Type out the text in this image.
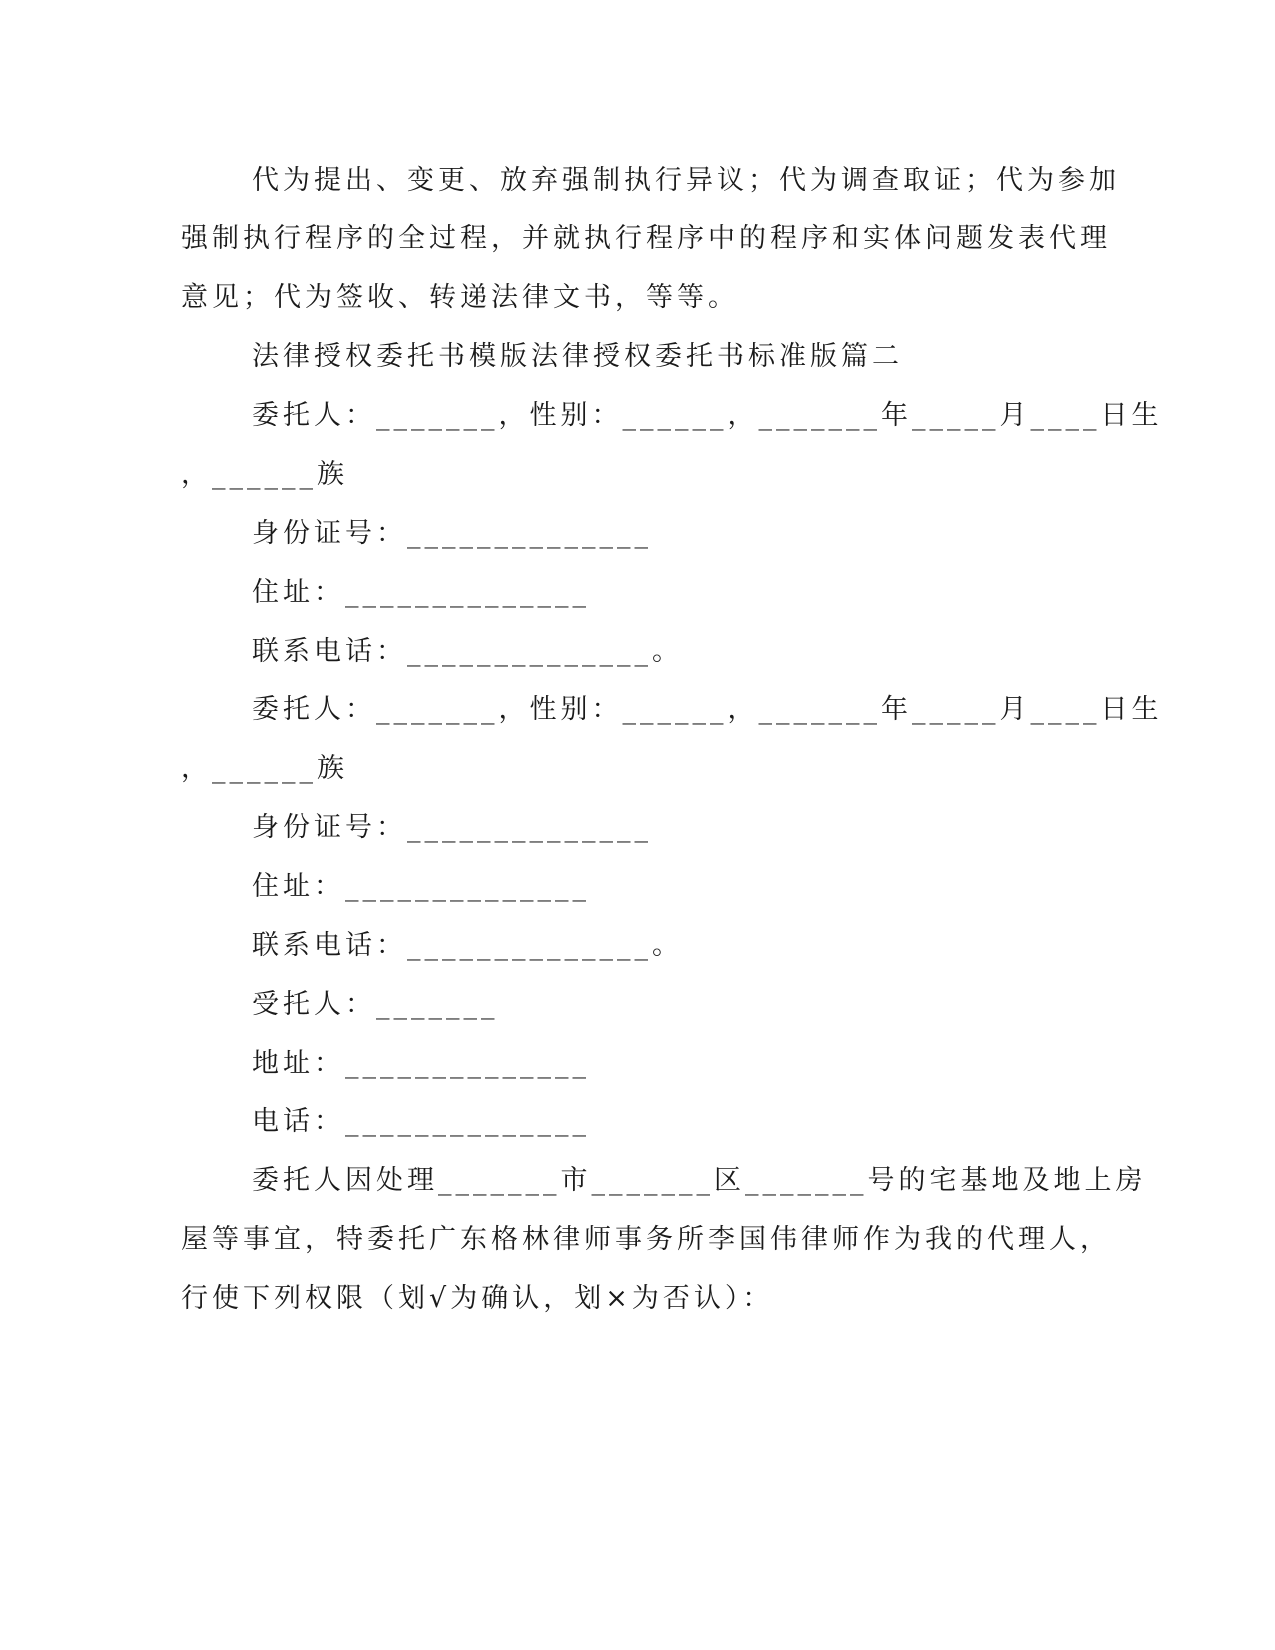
代为提出、变更、放弃强制执行异议；代为调查取证；代为参加
强制执行程序的全过程，并就执行程序中的程序和实体问题发表代理
意见；代为签收、转递法律文书，等等。
法律授权委托书模版法律授权委托书标准版篇二
委托人：_______，性别：______，_______年_____月____日生
，______族
身份证号：______________
住址：______________
联系电话：______________。
委托人：_______，性别：______，_______年_____月____日生
，______族
身份证号：______________
住址：______________
联系电话：______________。
受托人：_______
地址：______________
电话：______________
委托人因处理_______市_______区_______号的宅基地及地上房
屋等事宜，特委托广东格林律师事务所李国伟律师作为我的代理人，
行使下列权限（划√为确认，划×为否认）：
